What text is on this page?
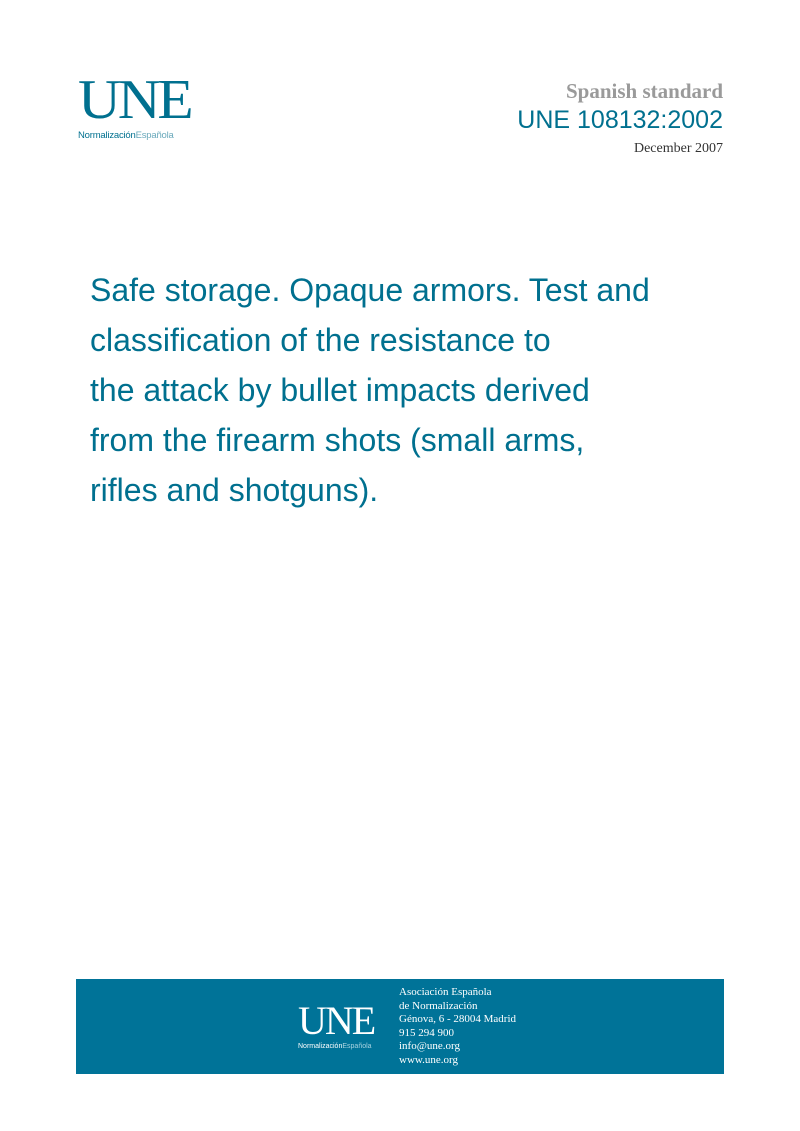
UNE
NormalizaciónEspañola
Spanish standard
UNE 108132:2002
December 2007
Safe storage. Opaque armors. Test and
classification of the resistance to
the attack by bullet impacts derived
from the firearm shots (small arms,
rifles and shotguns).
UNE
NormalizaciónEspañola
Asociación Española
de Normalización
Génova, 6 - 28004 Madrid
915 294 900
info@une.org
www.une.org
